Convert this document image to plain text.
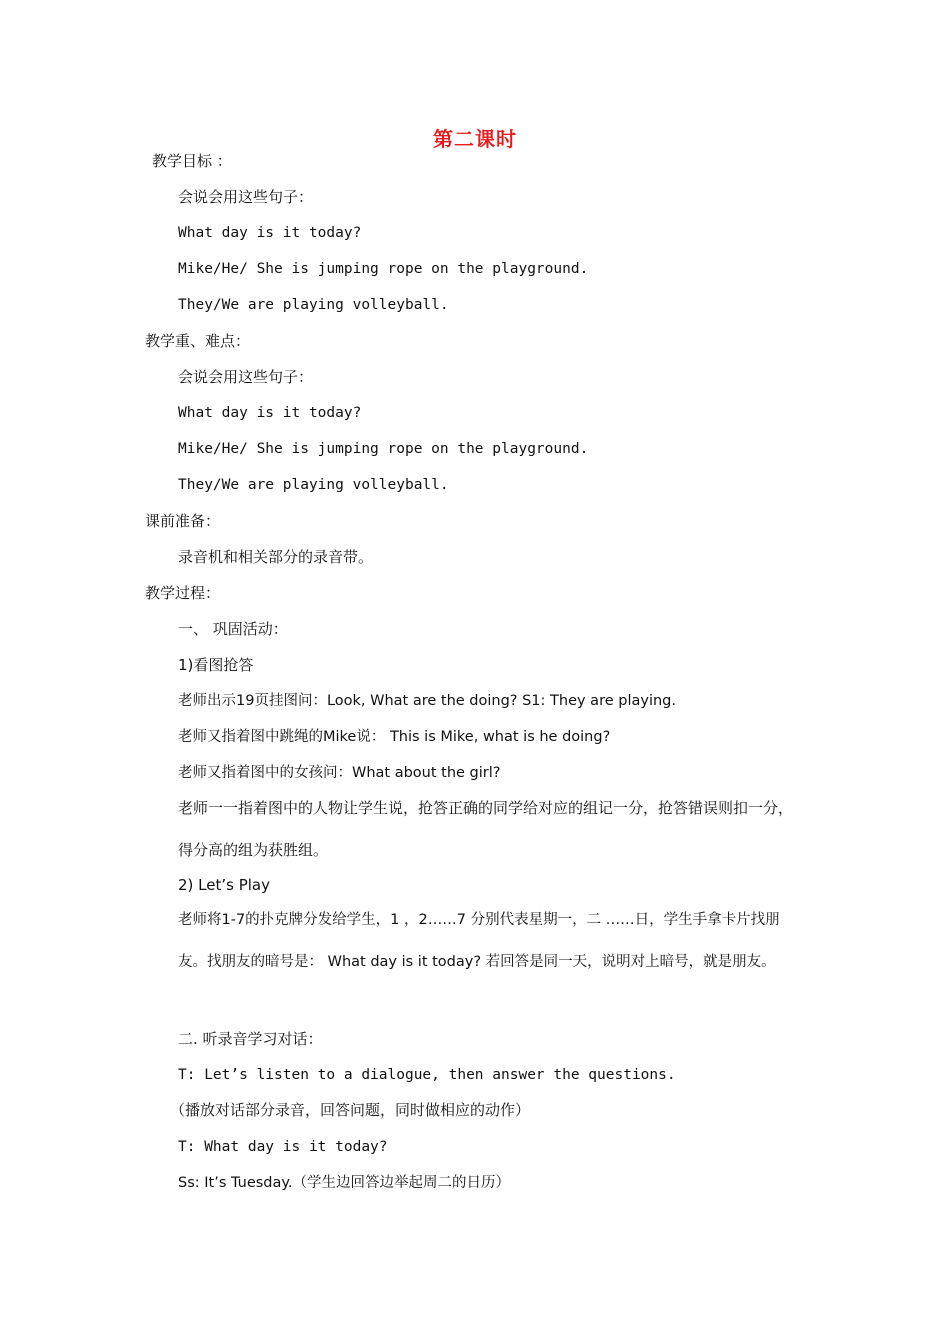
第二课时
教学目标 ：
会说会用这些句子：
What day is it today?
Mike/He/ She is jumping rope on the playground.
They/We are playing volleyball.
教学重、难点：
会说会用这些句子：
What day is it today?
Mike/He/ She is jumping rope on the playground.
They/We are playing volleyball.
课前准备：
录音机和相关部分的录音带。
教学过程：
一、 巩固活动：
1)看图抢答
老师出示19页挂图问：Look, What are the doing? S1: They are playing.
老师又指着图中跳绳的Mike说： This is Mike, what is he doing?
老师又指着图中的女孩问：What about the girl?
老师一一指着图中的人物让学生说，抢答正确的同学给对应的组记一分，抢答错误则扣一分，得分高的组为获胜组。
2) Let’s Play
老师将1-7的扑克牌分发给学生，1 ，2……7 分别代表星期一，二 ……日，学生手拿卡片找朋友。找朋友的暗号是： What day is it today? 若回答是同一天，说明对上暗号，就是朋友。
二. 听录音学习对话：
T: Let’s listen to a dialogue, then answer the questions.
（播放对话部分录音，回答问题，同时做相应的动作）
T: What day is it today?
Ss: It’s Tuesday.（学生边回答边举起周二的日历）
